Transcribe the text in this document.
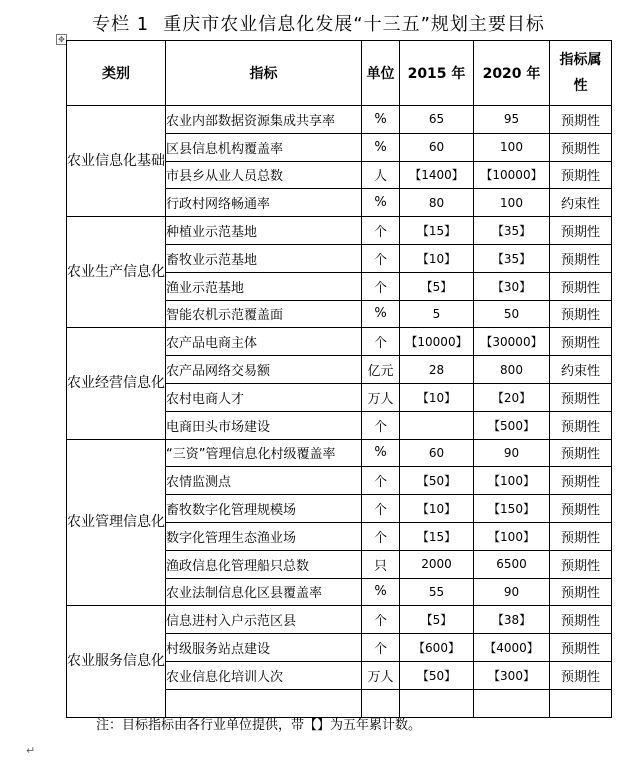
专栏 1 重庆市农业信息化发展“十三五”规划主要目标
✥
类别	指标	单位	2015 年	2020 年	指标属性
农业信息化基础	农业内部数据资源集成共享率	%	65	95	预期性
	区县信息机构覆盖率	%	60	100	预期性
	市县乡从业人员总数	人	【1400】	【10000】	预期性
	行政村网络畅通率	%	80	100	约束性
农业生产信息化	种植业示范基地	个	【15】	【35】	预期性
	畜牧业示范基地	个	【10】	【35】	预期性
	渔业示范基地	个	【5】	【30】	预期性
	智能农机示范覆盖面	%	5	50	预期性
农业经营信息化	农产品电商主体	个	【10000】	【30000】	预期性
	农产品网络交易额	亿元	28	800	约束性
	农村电商人才	万人	【10】	【20】	预期性
	电商田头市场建设	个		【500】	预期性
农业管理信息化	“三资”管理信息化村级覆盖率	%	60	90	预期性
	农情监测点	个	【50】	【100】	预期性
	畜牧数字化管理规模场	个	【10】	【150】	预期性
	数字化管理生态渔业场	个	【15】	【100】	预期性
	渔政信息化管理船只总数	只	2000	6500	预期性
	农业法制信息化区县覆盖率	%	55	90	预期性
农业服务信息化	信息进村入户示范区县	个	【5】	【38】	预期性
	村级服务站点建设	个	【600】	【4000】	预期性
	农业信息化培训人次	万人	【50】	【300】	预期性

注：目标指标由各行业单位提供，带【】为五年累计数。
↵
